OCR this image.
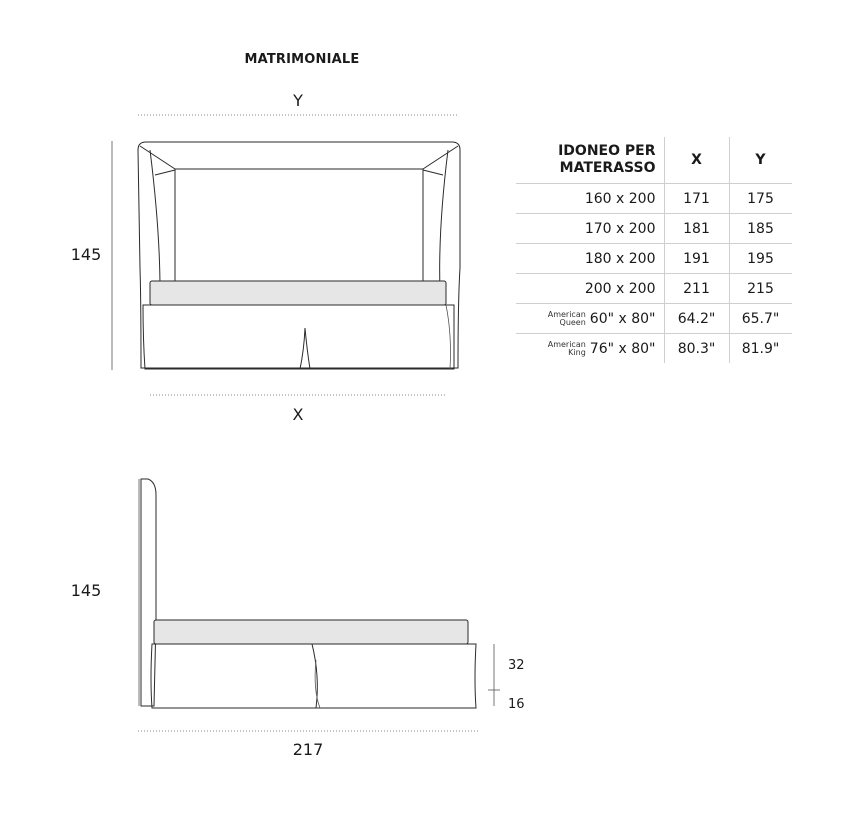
MATRIMONIALE
Y
145
X
145
32
16
217
IDONEO PER
MATERASSO	X	Y

160 x 200	171	175

170 x 200	181	185

180 x 200	191	195

200 x 200	211	215
American
Queen 60" x 80"	64.2"	65.7"
American
King 76" x 80"	80.3"	81.9"
